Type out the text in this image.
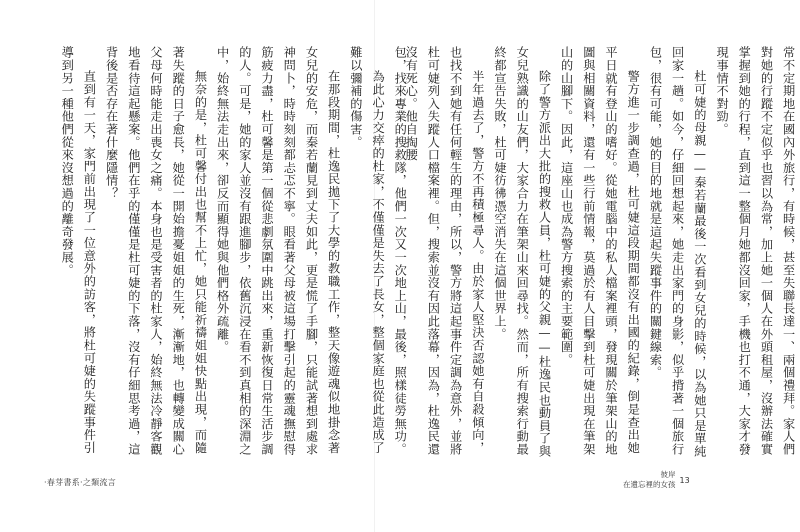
常不定期地在國內外旅行，有時候，甚至失聯長達一、兩個禮拜。家人們對她的行蹤不定似乎也習以為常，加上她一個人在外頭租屋，沒辦法確實掌握到她的行程，直到這一整個月她都沒回家，手機也打不通，大家才發現事情不對勁。

杜可婕的母親——秦若蘭最後一次看到女兒的時候，以為她只是單純回家一趟。如今，仔細回想起來，她走出家門的身影，似乎揹著一個旅行包，很有可能，她的目的地就是這起失蹤事件的關鍵線索。

警方進一步調查過，杜可婕這段期間都沒有出國的紀錄，倒是查出她平日就有登山的嗜好。從她電腦中的私人檔案裡頭，發現關於筆架山的地圖與相關資料，還有一些行前情報，莫過於有人目擊到杜可婕出現在筆架山的山腳下。因此，這座山也成為警方搜索的主要範圍。

除了警方派出大批的搜救人員，杜可婕的父親——杜逸民也動員了與女兒熟識的山友們，大家合力在筆架山來回尋找。然而，所有搜索行動最終都宣告失敗，杜可婕彷彿憑空消失在這個世界上。

半年過去了，警方不再積極尋人。由於家人堅決否認她有自殺傾向，也找不到她有任何輕生的理由，所以，警方將這起事件定調為意外，並將杜可婕列入失蹤人口檔案裡。但，搜索並沒有因此落幕，因為，杜逸民還沒有死心。他自掏腰

包，找來專業的搜救隊，他們一次又一次地上山，最後，照樣徒勞無功。

為此心力交瘁的杜家，不僅僅是失去了長女，整個家庭也從此造成了難以彌補的傷害。

在那段期間，杜逸民拋下了大學的教職工作，整天像遊魂似地掛念著女兒的安危，而秦若蘭見到丈夫如此，更是慌了手腳，只能試著想到處求神問卜，時時刻刻都忐忑不寧。眼看著父母被這場打擊引起的靈魂撫慰得筋疲力盡，杜可馨是第一個從悲劇氛圍中跳出來，重新恢復日常生活步調的人。可是，她的家人並沒有跟進腳步，依舊沉浸在看不到真相的深淵之中，始終無法走出來，卻反而顯得她與他們格外疏離。

無奈的是，杜可馨付出也幫不上忙，她只能祈禱姐姐快點出現，而隨著失蹤的日子愈長，她從一開始擔憂姐姐的生死，漸漸地，也轉變成關心父母何時能走出喪女之痛。本身也是受害者的杜家人，始終無法冷靜客觀地看待這起懸案。他們在乎的僅僅是杜可婕的下落，沒有仔細思考過，這背後是否存在著什麼隱情？

直到有一天，家門前出現了一位意外的訪客，將杜可婕的失蹤事件引導到另一種他們從來沒想過的離奇發展。

‧春芽書系‧之類流言
彼岸
在遺忘裡的女孩 13
